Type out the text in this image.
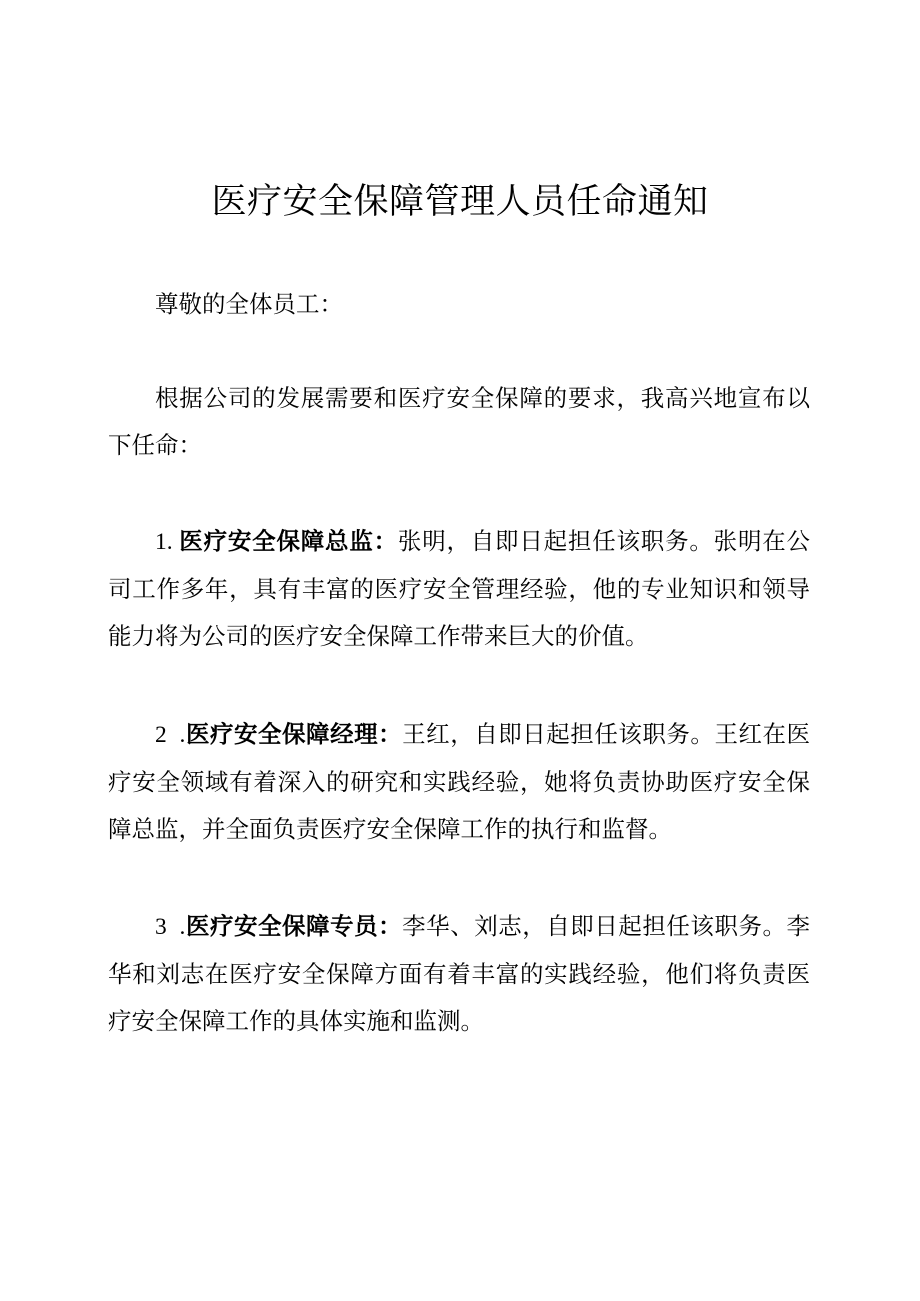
医疗安全保障管理人员任命通知

尊敬的全体员工：

根据公司的发展需要和医疗安全保障的要求，我高兴地宣布以下任命：

1. 医疗安全保障总监：张明，自即日起担任该职务。张明在公司工作多年，具有丰富的医疗安全管理经验，他的专业知识和领导能力将为公司的医疗安全保障工作带来巨大的价值。

2  .医疗安全保障经理：王红，自即日起担任该职务。王红在医疗安全领域有着深入的研究和实践经验，她将负责协助医疗安全保障总监，并全面负责医疗安全保障工作的执行和监督。

3  .医疗安全保障专员：李华、刘志，自即日起担任该职务。李华和刘志在医疗安全保障方面有着丰富的实践经验，他们将负责医疗安全保障工作的具体实施和监测。
